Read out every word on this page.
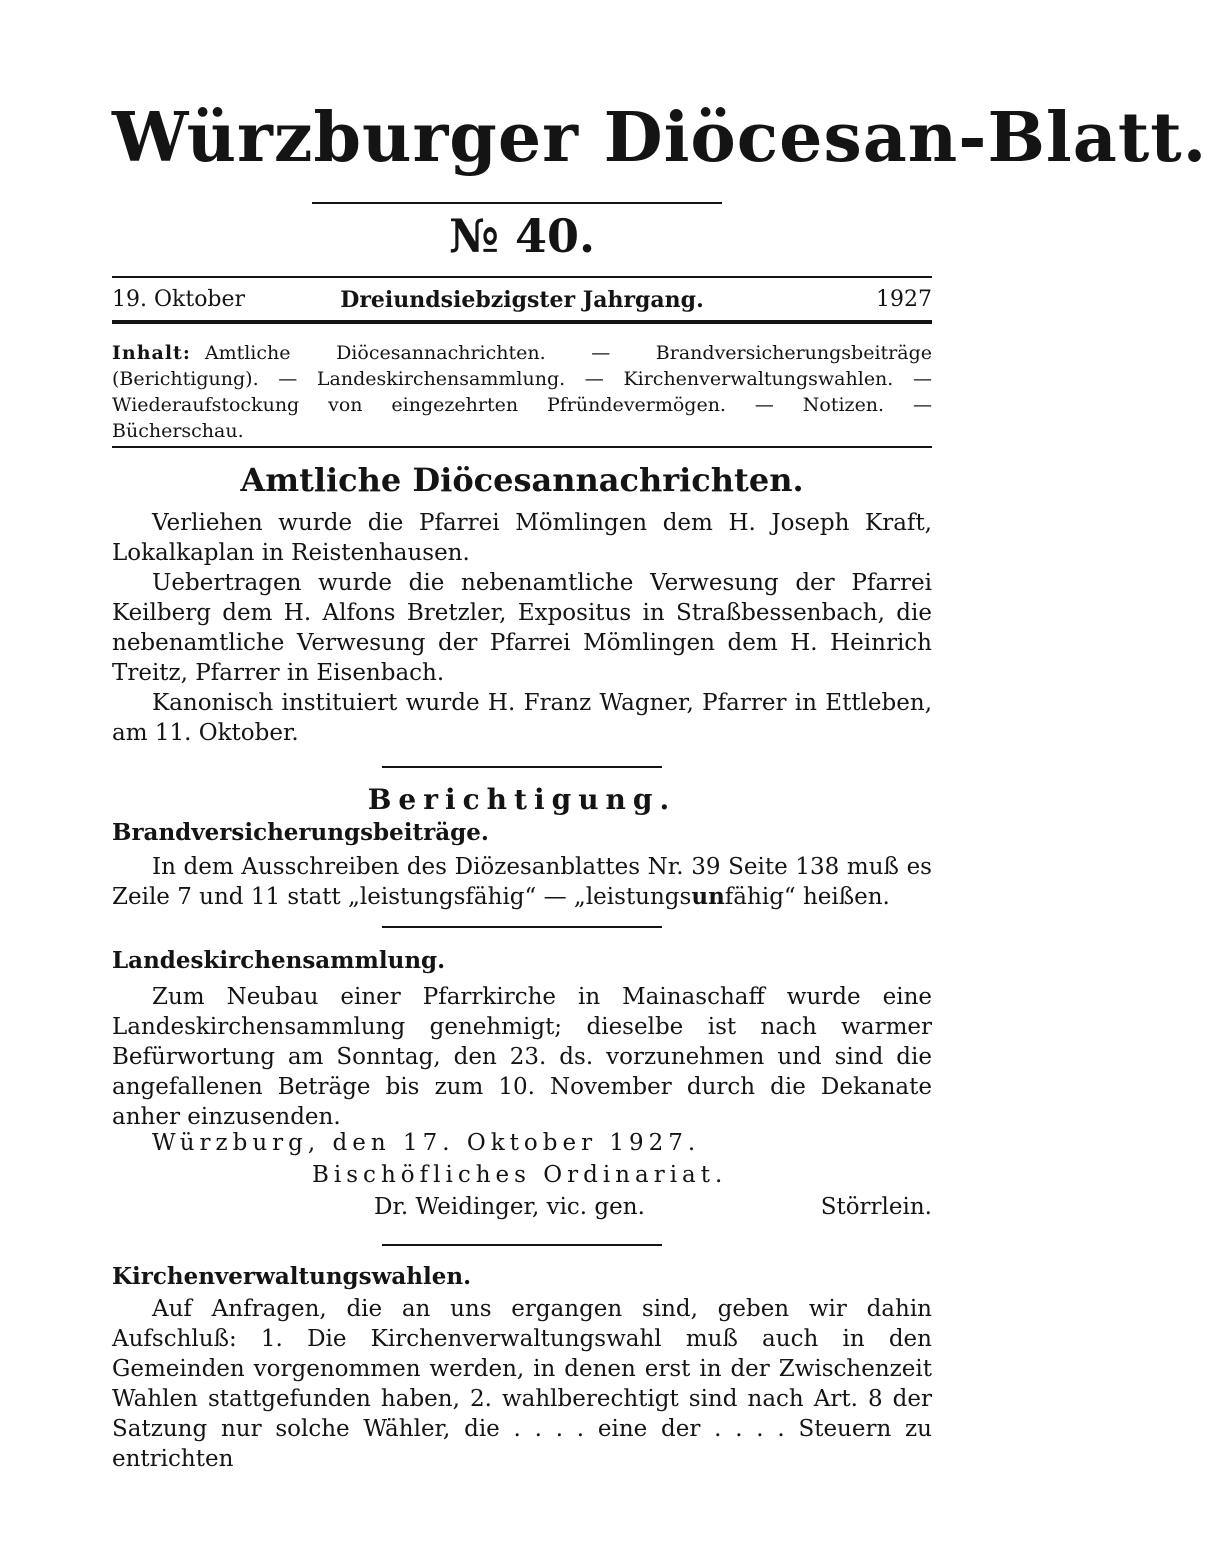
Würzburger Diöcesan-Blatt.
№ 40.
19. Oktober	Dreiundsiebzigster Jahrgang.	1927
Inhalt: Amtliche Diöcesannachrichten. — Brandversicherungsbeiträge (Berichtigung). — Landeskirchensammlung. — Kirchenverwaltungswahlen. — Wiederaufstockung von eingezehrten Pfründevermögen. — Notizen. — Bücherschau.
Amtliche Diöcesannachrichten.

Verliehen wurde die Pfarrei Mömlingen dem H. Joseph Kraft, Lokalkaplan in Reistenhausen.

Uebertragen wurde die nebenamtliche Verwesung der Pfarrei Keilberg dem H. Alfons Bretzler, Expositus in Straßbessenbach, die nebenamtliche Verwesung der Pfarrei Mömlingen dem H. Heinrich Treitz, Pfarrer in Eisenbach.

Kanonisch instituiert wurde H. Franz Wagner, Pfarrer in Ettleben, am 11. Oktober.

Berichtigung.
Brandversicherungsbeiträge.

In dem Ausschreiben des Diözesanblattes Nr. 39 Seite 138 muß es Zeile 7 und 11 statt „leistungsfähig“ — „leistungsunfähig“ heißen.

Landeskirchensammlung.

Zum Neubau einer Pfarrkirche in Mainaschaff wurde eine Landeskirchensammlung genehmigt; dieselbe ist nach warmer Befürwortung am Sonntag, den 23. ds. vorzunehmen und sind die angefallenen Beträge bis zum 10. November durch die Dekanate anher einzusenden.

Würzburg, den 17. Oktober 1927.
Bischöfliches Ordinariat.
Dr. Weidinger, vic. gen.	Störrlein.
Kirchenverwaltungswahlen.

Auf Anfragen, die an uns ergangen sind, geben wir dahin Aufschluß: 1. Die Kirchenverwaltungswahl muß auch in den Gemeinden vorgenommen werden, in denen erst in der Zwischenzeit Wahlen stattgefunden haben, 2. wahlberechtigt sind nach Art. 8 der Satzung nur solche Wähler, die . . . . eine der . . . . Steuern zu entrichten
